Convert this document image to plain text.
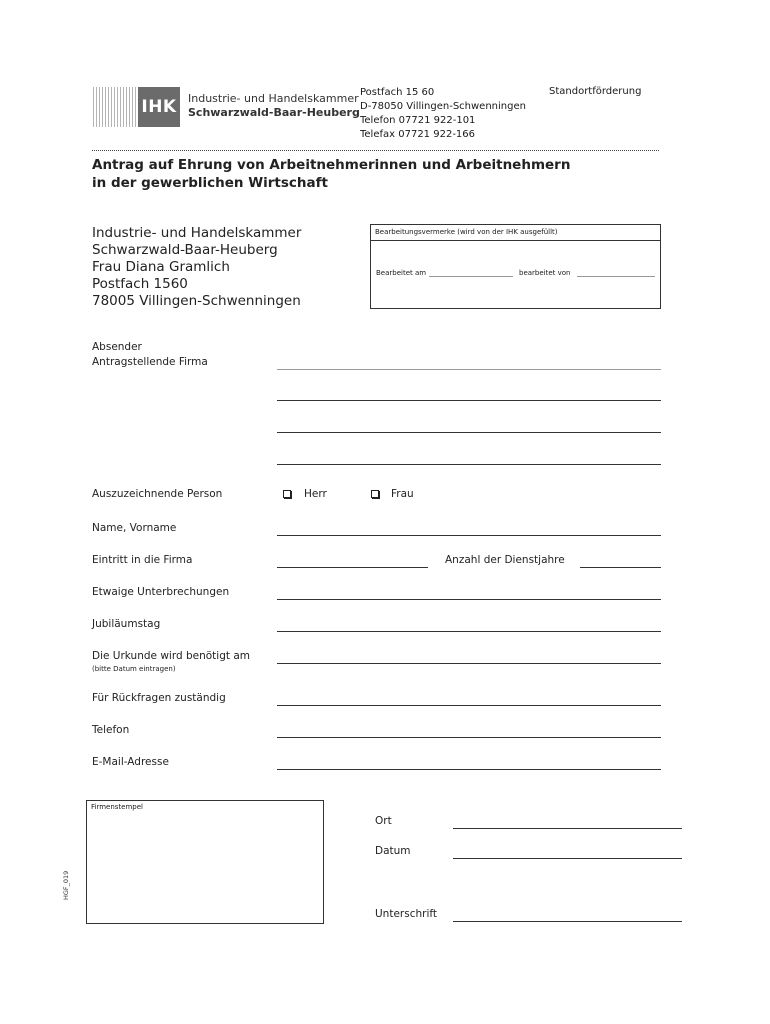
IHK	Industrie- und Handelskammer
Schwarzwald-Baar-Heuberg
Postfach 15 60
D-78050 Villingen-Schwenningen
Telefon 07721 922-101
Telefax 07721 922-166
Standortförderung
Antrag auf Ehrung von Arbeitnehmerinnen und Arbeitnehmern
in der gewerblichen Wirtschaft
Industrie- und Handelskammer
Schwarzwald-Baar-Heuberg
Frau Diana Gramlich
Postfach 1560
78005 Villingen-Schwenningen
Bearbeitungsvermerke (wird von der IHK ausgefüllt)
Bearbeitet am	bearbeitet von
Absender
Antragstellende Firma
Auszuzeichnende Person	Herr	Frau
Name, Vorname
Eintritt in die Firma	Anzahl der Dienstjahre
Etwaige Unterbrechungen
Jubiläumstag
Die Urkunde wird benötigt am
(bitte Datum eintragen)
Für Rückfragen zuständig
Telefon
E-Mail-Adresse
Firmenstempel
Ort
Datum
Unterschrift
HGF_019
